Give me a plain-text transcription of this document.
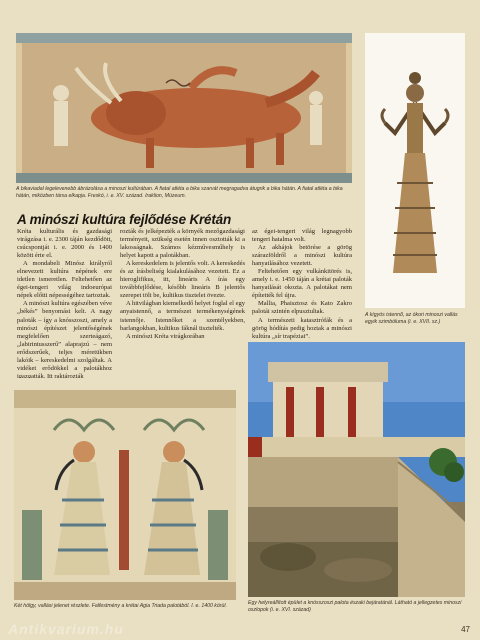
A bikaviadal legelevenebb ábrázolása a minoszi kultúrában. A fiatal atléta a bika szarvát megragadva átugrik a bika hátán. A fiatal atléta a bika hátán, miközben társa elkapja. Freskó, i. e. XV. század. Iraklion, Múzeum.
A kígyós istennő, az ókori minoszi vallás egyik szimbóluma (i. e. XVII. sz.)
A minószi kultúra fejlődése Krétán

Kréta kulturális és gazdasági virágzása i. e. 2300 táján kezdődött, csúcspontját i. e. 2000 és 1400 között érte el.

A mondabeli Minósz királyról elnevezett kultúra népének ere idetlen ismeretlen. Feltehetően az égei-tengeri világ indoeurópai népek előtti népességéhez tartoztak.

A minószi kultúra egészében véve „békés” benyomást kelt. A nagy paloták – így a knósszoszi, amely a minószi építészet jelentőségének megfelelően szerteágazó, „labirintusszerű” alaprajzú – nem erődszerűek, teljes méretükben lakóik – kereskedelmi szolgáltak. A vidéket erődökkel a palotákhoz igazgatták. Itt raktározták

rozták és jelképezték a környék mezőgazdasági terményeit, szükség esetén innen osztották ki a lakosságnak. Számos kézművesműhely is helyet kapott a palotákban.

A kereskedelem is jelentős volt. A kereskedés és az írásbeliség kialakulásához vezetett. Ez a hieroglifikus, itt, lineáris A írás egy továbbfejlődése, később lineáris B jelentős szerepet tölt be, kultikus tisztelet övezte.

A hitvilágban kiemelkedő helyet foglal el egy anyaistennő, a természet termékenységének istennője. Istennőket a szentélyekben, barlangokban, kultikus fáknál tisztelték.

A minószi Kréta virágkorában

az égei-tengeri világ legnagyobb tengeri hatalma volt.

Az akhájok betörése a görög szárazföldről a minószi kultúra hanyatlásához vezetett.

Feltehetően egy vulkánkitörés is, amely i. e. 1450 táján a krétai paloták hanyatlását okozta. A palotákat nem építették fel újra.

Mallia, Phaisztosz és Kato Zakro palotái szintén elpusztultak.

A természeti katasztrófák és a görög hódítás pedig hoztak a minószi kultúra „sír trapéziai”.

Két hölgy, vallási jelenet részlete. Falfestmény a krétai Agia Triada palotából. I. e. 1400 körül.	Egy helyreállított épület a knósszoszi palota északi bejáratánál. Látható a jellegzetes minoszi oszlopok (i. e. XVI. század)
47
Antikvarium.hu
